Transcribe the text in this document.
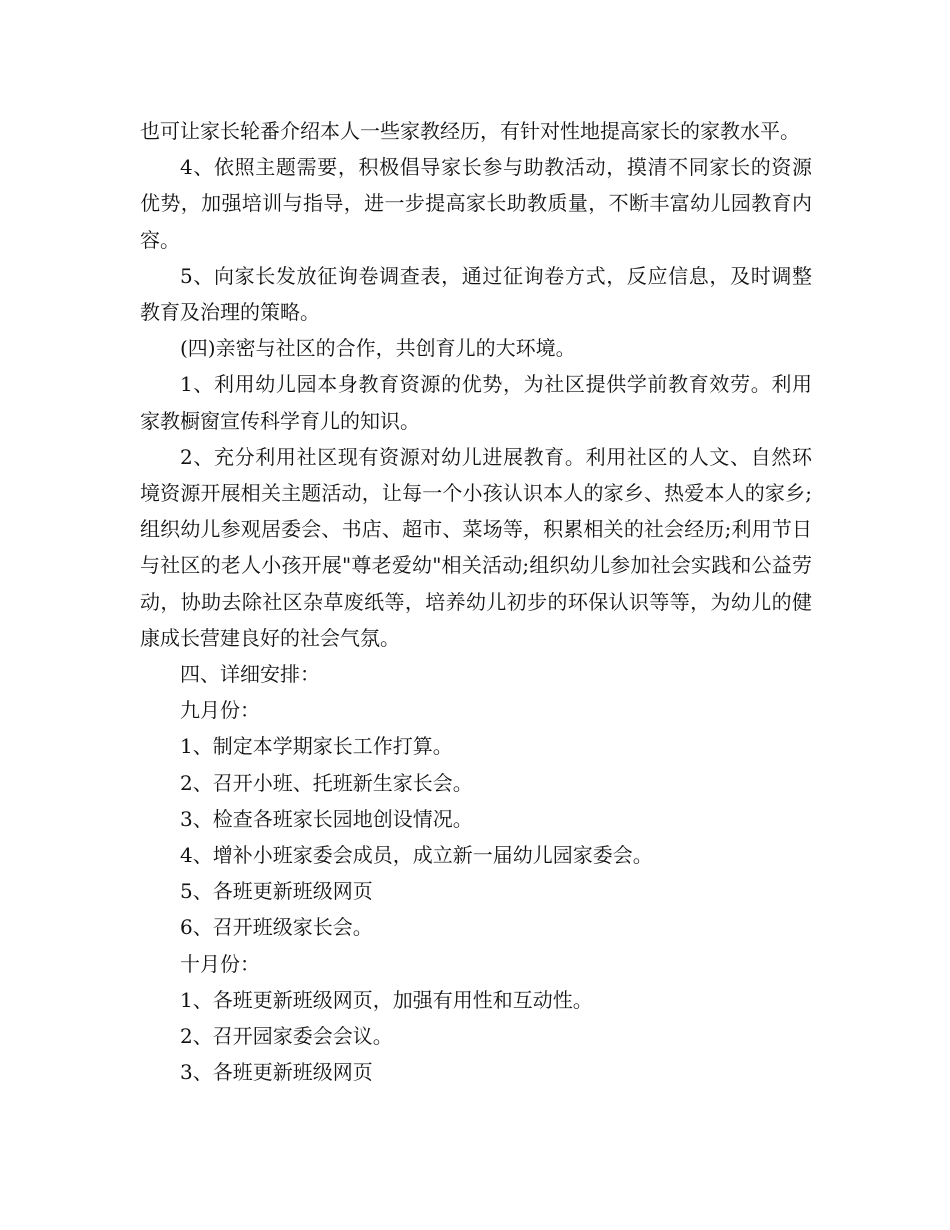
也可让家长轮番介绍本人一些家教经历，有针对性地提高家长的家教水平。

4、依照主题需要，积极倡导家长参与助教活动，摸清不同家长的资源优势，加强培训与指导，进一步提高家长助教质量，不断丰富幼儿园教育内容。

5、向家长发放征询卷调查表，通过征询卷方式，反应信息，及时调整教育及治理的策略。

(四)亲密与社区的合作，共创育儿的大环境。

1、利用幼儿园本身教育资源的优势，为社区提供学前教育效劳。利用家教橱窗宣传科学育儿的知识。

2、充分利用社区现有资源对幼儿进展教育。利用社区的人文、自然环境资源开展相关主题活动，让每一个小孩认识本人的家乡、热爱本人的家乡;组织幼儿参观居委会、书店、超市、菜场等，积累相关的社会经历;利用节日与社区的老人小孩开展"尊老爱幼"相关活动;组织幼儿参加社会实践和公益劳动，协助去除社区杂草废纸等，培养幼儿初步的环保认识等等，为幼儿的健康成长营建良好的社会气氛。

四、详细安排：

九月份：

1、制定本学期家长工作打算。

2、召开小班、托班新生家长会。

3、检查各班家长园地创设情况。

4、增补小班家委会成员，成立新一届幼儿园家委会。

5、各班更新班级网页

6、召开班级家长会。

十月份：

1、各班更新班级网页，加强有用性和互动性。

2、召开园家委会会议。

3、各班更新班级网页
